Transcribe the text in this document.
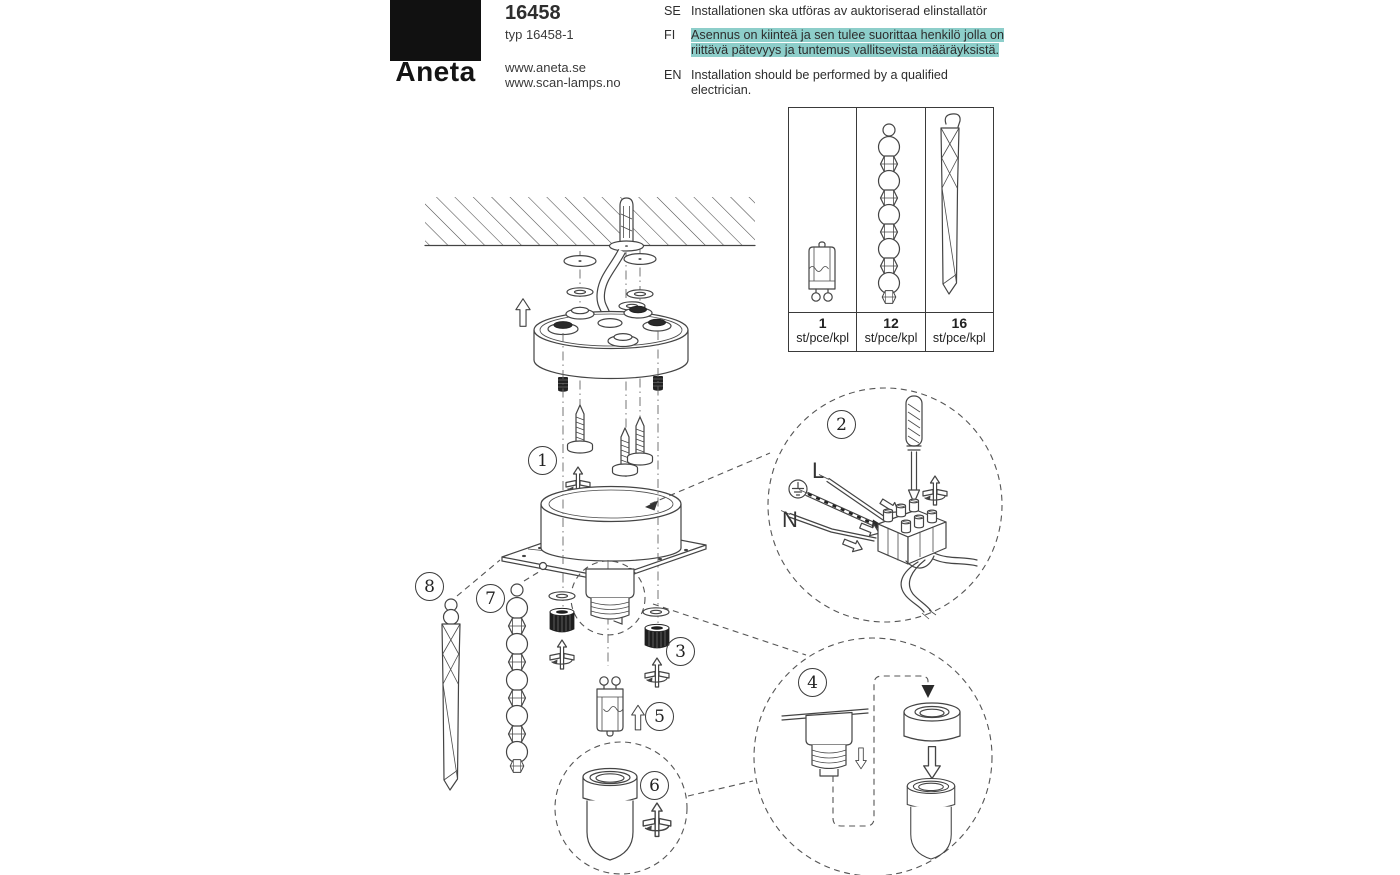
Aneta
16458
typ 16458-1
www.aneta.se
www.scan-lamps.no
SE Installationen ska utföras av auktoriserad elinstallatör
FI Asennus on kiinteä ja sen tulee suorittaa henkilö jolla on
riittävä pätevyys ja tuntemus vallitsevista määräyksistä.
EN Installation should be performed by a qualified electrician.
1
st/pce/kpl
12
st/pce/kpl
16
st/pce/kpl
1
2
3
4
5
6
7
8
L
N
